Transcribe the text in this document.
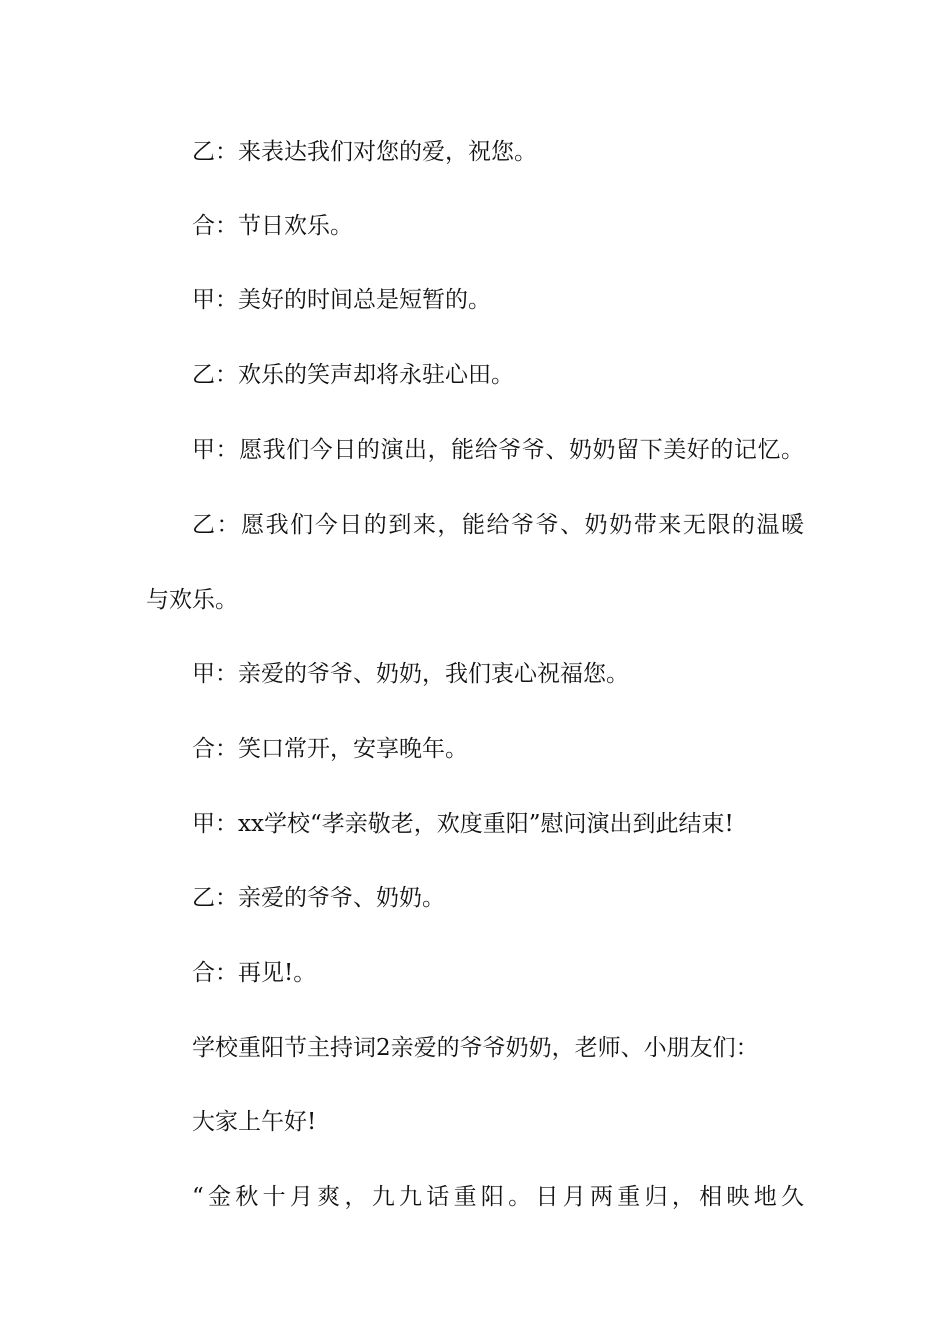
乙：来表达我们对您的爱，祝您。
合：节日欢乐。
甲：美好的时间总是短暂的。
乙：欢乐的笑声却将永驻心田。
甲：愿我们今日的演出，能给爷爷、奶奶留下美好的记忆。
乙：愿我们今日的到来，能给爷爷、奶奶带来无限的温暖
与欢乐。
甲：亲爱的爷爷、奶奶，我们衷心祝福您。
合：笑口常开，安享晚年。
甲：xx学校“孝亲敬老，欢度重阳”慰问演出到此结束!
乙：亲爱的爷爷、奶奶。
合：再见!。
学校重阳节主持词2亲爱的爷爷奶奶，老师、小朋友们：
大家上午好!
“金秋十月爽，九九话重阳。日月两重归，相映地久
